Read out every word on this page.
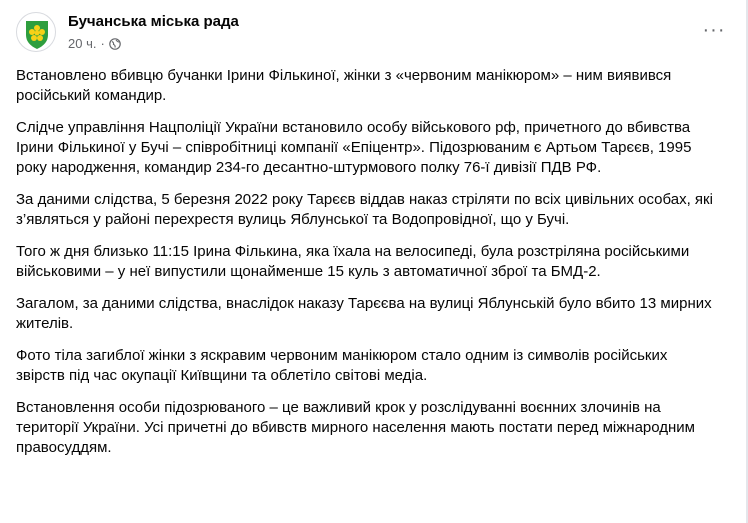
Бучанська міська рада
20 ч. ·
···

Встановлено вбивцю бучанки Ірини Фількиної, жінки з «червоним манікюром» – ним виявився російський командир.

Слідче управління Нацполіції України встановило особу військового рф, причетного до вбивства Ірини Фількиної у Бучі – співробітниці компанії «Епіцентр». Підозрюваним є Артьом Тарєєв, 1995 року народження, командир 234-го десантно-штурмового полку 76-ї дивізії ПДВ РФ.

За даними слідства, 5 березня 2022 року Тарєєв віддав наказ стріляти по всіх цивільних особах, які з’являться у районі перехрестя вулиць Яблунської та Водопровідної, що у Бучі.

Того ж дня близько 11:15 Ірина Фількина, яка їхала на велосипеді, була розстріляна російськими військовими – у неї випустили щонайменше 15 куль з автоматичної зброї та БМД-2.

Загалом, за даними слідства, внаслідок наказу Тарєєва на вулиці Яблунській було вбито 13 мирних жителів.

Фото тіла загиблої жінки з яскравим червоним манікюром стало одним із символів російських звірств під час окупації Київщини та облетіло світові медіа.

Встановлення особи підозрюваного – це важливий крок у розслідуванні воєнних злочинів на території України. Усі причетні до вбивств мирного населення мають постати перед міжнародним правосуддям.
